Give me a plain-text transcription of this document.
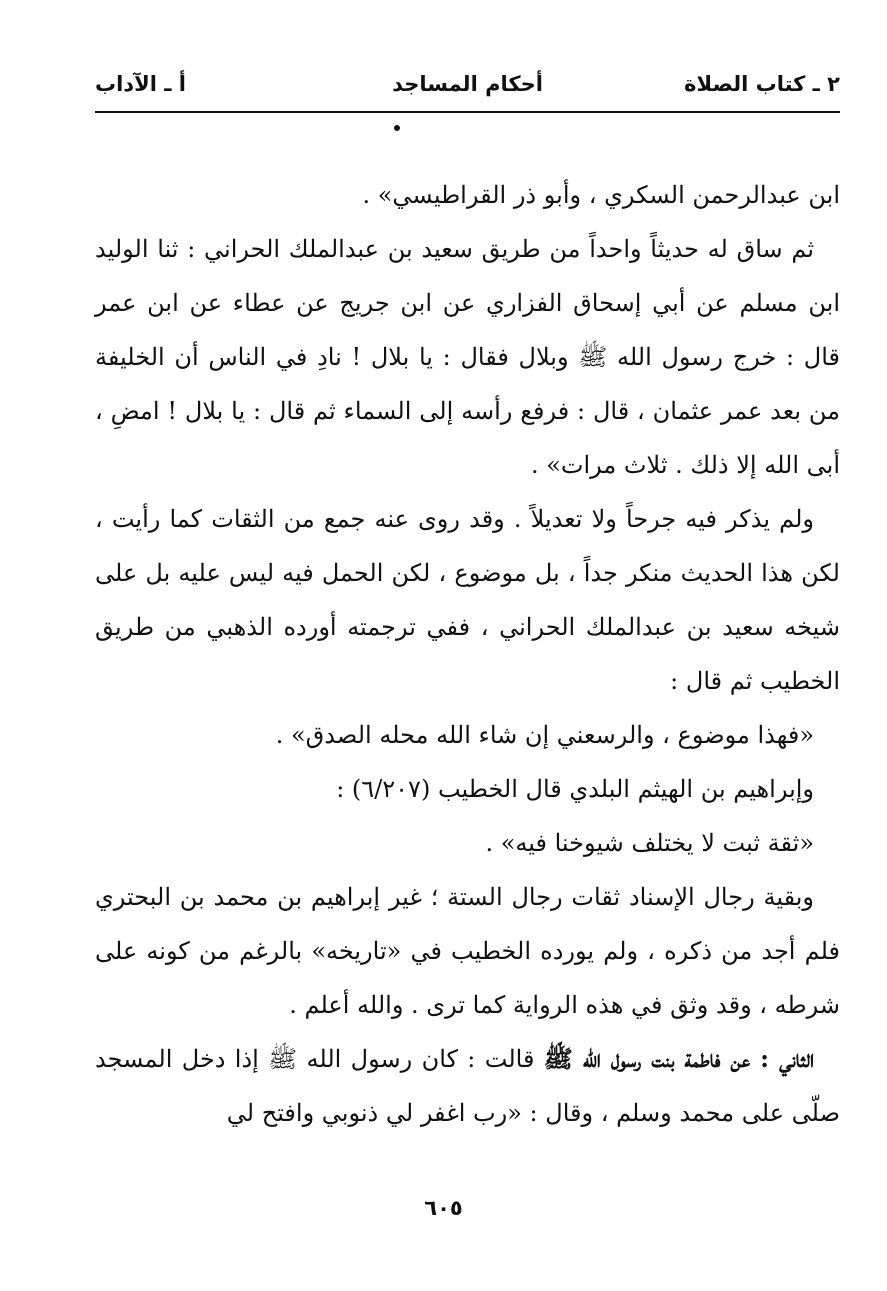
٢ ـ كتاب الصلاة
أحكام المساجد
أ ـ الآداب

ابن عبدالرحمن السكري ، وأبو ذر القراطيسي» .

ثم ساق له حديثاً واحداً من طريق سعيد بن عبدالملك الحراني : ثنا الوليد ابن مسلم عن أبي إسحاق الفزاري عن ابن جريج عن عطاء عن ابن عمر قال : خرج رسول الله ﷺ وبلال فقال : يا بلال ! نادِ في الناس أن الخليفة من بعد عمر عثمان ، قال : فرفع رأسه إلى السماء ثم قال : يا بلال ! امضِ ، أبى الله إلا ذلك . ثلاث مرات» .

ولم يذكر فيه جرحاً ولا تعديلاً . وقد روى عنه جمع من الثقات كما رأيت ، لكن هذا الحديث منكر جداً ، بل موضوع ، لكن الحمل فيه ليس عليه بل على شيخه سعيد بن عبدالملك الحراني ، ففي ترجمته أورده الذهبي من طريق الخطيب ثم قال :

«فهذا موضوع ، والرسعني إن شاء الله محله الصدق» .

وإبراهيم بن الهيثم البلدي قال الخطيب (٦/٢٠٧) :

«ثقة ثبت لا يختلف شيوخنا فيه» .

وبقية رجال الإسناد ثقات رجال الستة ؛ غير إبراهيم بن محمد بن البحتري فلم أجد من ذكره ، ولم يورده الخطيب في «تاريخه» بالرغم من كونه على شرطه ، وقد وثق في هذه الرواية كما ترى . والله أعلم .

الثاني : عن فاطمة بنت رسول الله ﷺ قالت : كان رسول الله ﷺ إذا دخل المسجد صلّى على محمد وسلم ، وقال : «رب اغفر لي ذنوبي وافتح لي

٦٠٥
